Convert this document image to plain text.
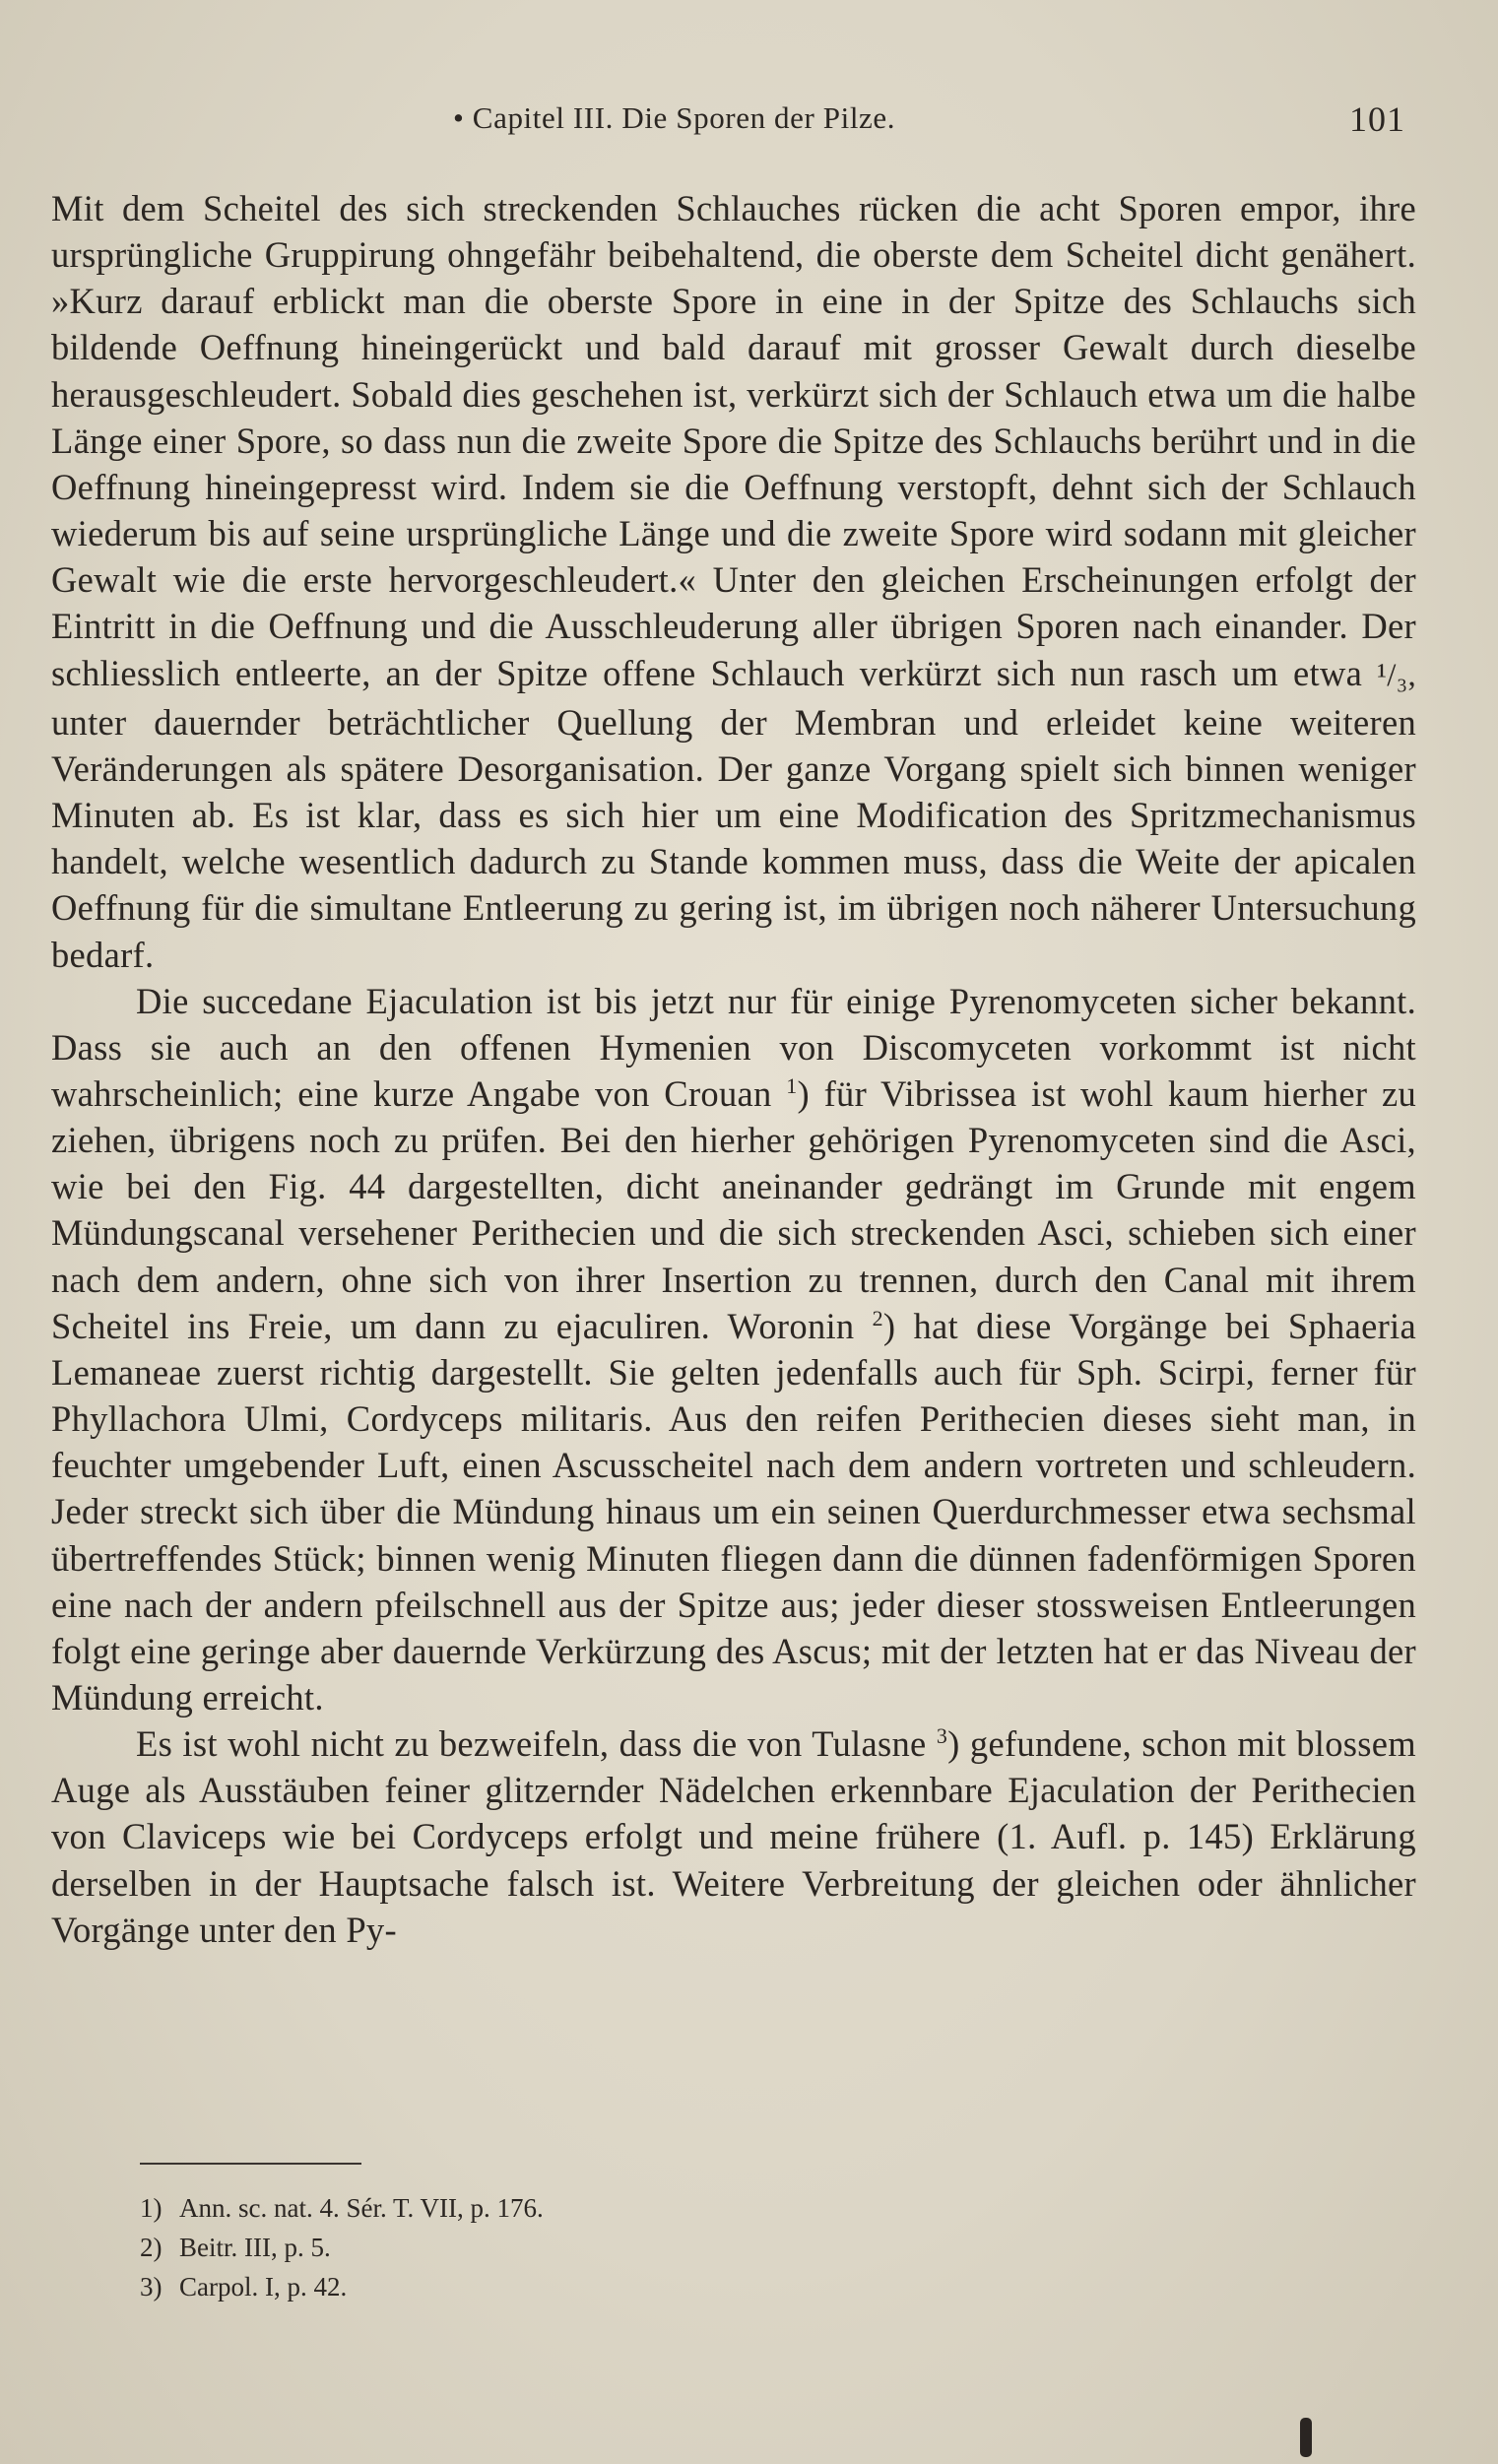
• Capitel III. Die Sporen der Pilze.	101

Mit dem Scheitel des sich streckenden Schlauches rücken die acht Sporen empor, ihre ursprüngliche Gruppirung ohngefähr beibehaltend, die oberste dem Scheitel dicht genähert. »Kurz darauf erblickt man die oberste Spore in eine in der Spitze des Schlauchs sich bildende Oeffnung hineingerückt und bald darauf mit grosser Gewalt durch dieselbe herausgeschleudert. Sobald dies geschehen ist, verkürzt sich der Schlauch etwa um die halbe Länge einer Spore, so dass nun die zweite Spore die Spitze des Schlauchs berührt und in die Oeffnung hineingepresst wird. Indem sie die Oeffnung verstopft, dehnt sich der Schlauch wiederum bis auf seine ursprüngliche Länge und die zweite Spore wird sodann mit gleicher Gewalt wie die erste hervorgeschleudert.« Unter den gleichen Erscheinungen erfolgt der Eintritt in die Oeffnung und die Ausschleuderung aller übrigen Sporen nach einander. Der schliesslich entleerte, an der Spitze offene Schlauch verkürzt sich nun rasch um etwa ¹/₃, unter dauernder beträchtlicher Quellung der Membran und erleidet keine weiteren Veränderungen als spätere Desorganisation. Der ganze Vorgang spielt sich binnen weniger Minuten ab. Es ist klar, dass es sich hier um eine Modification des Spritzmechanismus handelt, welche wesentlich dadurch zu Stande kommen muss, dass die Weite der apicalen Oeffnung für die simultane Entleerung zu gering ist, im übrigen noch näherer Untersuchung bedarf.

Die succedane Ejaculation ist bis jetzt nur für einige Pyrenomyceten sicher bekannt. Dass sie auch an den offenen Hymenien von Discomyceten vorkommt ist nicht wahrscheinlich; eine kurze Angabe von Crouan $^1$) für Vibrissea ist wohl kaum hierher zu ziehen, übrigens noch zu prüfen. Bei den hierher gehörigen Pyrenomyceten sind die Asci, wie bei den Fig. 44 dargestellten, dicht aneinander gedrängt im Grunde mit engem Mündungscanal versehener Perithecien und die sich streckenden Asci, schieben sich einer nach dem andern, ohne sich von ihrer Insertion zu trennen, durch den Canal mit ihrem Scheitel ins Freie, um dann zu ejaculiren. Woronin $^2$) hat diese Vorgänge bei Sphaeria Lemaneae zuerst richtig dargestellt. Sie gelten jedenfalls auch für Sph. Scirpi, ferner für Phyllachora Ulmi, Cordyceps militaris. Aus den reifen Perithecien dieses sieht man, in feuchter umgebender Luft, einen Ascusscheitel nach dem andern vortreten und schleudern. Jeder streckt sich über die Mündung hinaus um ein seinen Querdurchmesser etwa sechsmal übertreffendes Stück; binnen wenig Minuten fliegen dann die dünnen fadenförmigen Sporen eine nach der andern pfeilschnell aus der Spitze aus; jeder dieser stossweisen Entleerungen folgt eine geringe aber dauernde Verkürzung des Ascus; mit der letzten hat er das Niveau der Mündung erreicht.

Es ist wohl nicht zu bezweifeln, dass die von Tulasne $^3$) gefundene, schon mit blossem Auge als Ausstäuben feiner glitzernder Nädelchen erkennbare Ejaculation der Perithecien von Claviceps wie bei Cordyceps erfolgt und meine frühere (1. Aufl. p. 145) Erklärung derselben in der Hauptsache falsch ist. Weitere Verbreitung der gleichen oder ähnlicher Vorgänge unter den Py-

1) Ann. sc. nat. 4. Sér. T. VII, p. 176.
2) Beitr. III, p. 5.
3) Carpol. I, p. 42.
